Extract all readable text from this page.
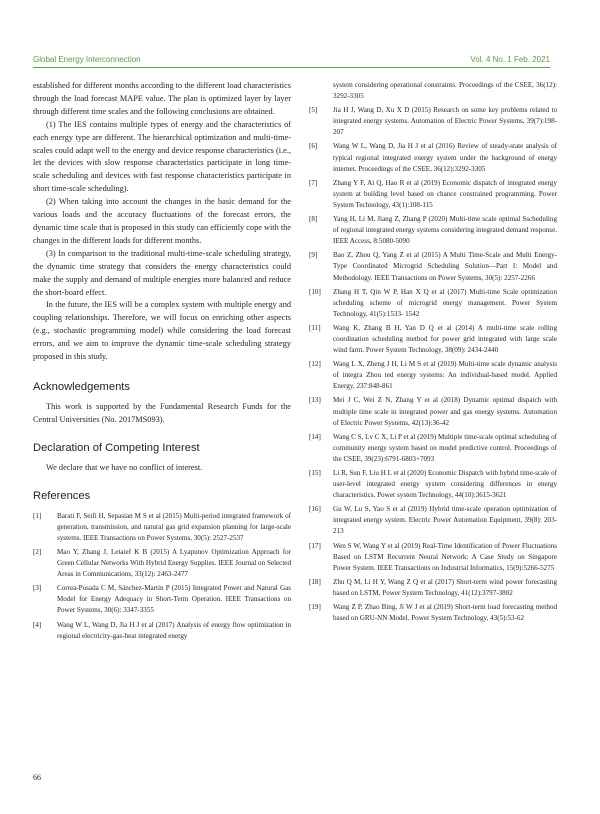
Global Energy Interconnection	Vol. 4 No. 1 Feb. 2021

established for different months according to the different load characteristics through the load forecast MAPE value. The plan is optimized layer by layer through different time scales and the following conclusions are obtained.

(1) The IES contains multiple types of energy and the characteristics of each energy type are different. The hierarchical optimization and multi-time-scales could adapt well to the energy and device response characteristics (i.e., let the devices with slow response characteristics participate in long time-scale scheduling and devices with fast response characteristics participate in short time-scale scheduling).

(2) When taking into account the changes in the basic demand for the various loads and the accuracy fluctuations of the forecast errors, the dynamic time scale that is proposed in this study can efficiently cope with the changes in the different loads for different months.

(3) In comparison to the traditional multi-time-scale scheduling strategy, the dynamic time strategy that considers the energy characteristics could make the supply and demand of multiple energies more balanced and reduce the short-board effect.

In the future, the IES will be a complex system with multiple energy and coupling relationships. Therefore, we will focus on enriching other aspects (e.g., stochastic programming model) while considering the load forecast errors, and we aim to improve the dynamic time-scale scheduling strategy proposed in this study.

Acknowledgements

This work is supported by the Fundamental Research Funds for the Central Universities (No. 2017MS093).

Declaration of Competing Interest

We declare that we have no conflict of interest.

References
[1]	Barati F, Seifi H, Sepasian M S et al (2015) Multi-period integrated framework of generation, transmission, and natural gas grid expansion planning for large-scale systems. IEEE Transactions on Power Systems, 30(5): 2527-2537
[2]	Mao Y, Zhang J, Letaief K B (2015) A Lyapunov Optimization Approach for Green Cellular Networks With Hybrid Energy Supplies. IEEE Journal on Selected Areas in Communications, 33(12): 2463-2477
[3]	Correa-Posada C M, Sánchez-Martín P (2015) Integrated Power and Natural Gas Model for Energy Adequacy in Short-Term Operation. IEEE Transactions on Power Systems, 30(6): 3347-3355
[4]	Wang W L, Wang D, Jia H J et al (2017) Analysis of energy flow optimization in regional electricity-gas-heat integrated energy
system considering operational constraints. Proceedings of the CSEE, 36(12): 3292-3305
[5]	Jia H J, Wang D, Xu X D (2015) Research on some key problems related to integrated energy systems. Automation of Electric Power Systems, 39(7):198-207
[6]	Wang W L, Wang D, Jia H J et al (2016) Review of steady-state analysis of typical regional integrated energy system under the background of energy internet. Proceedings of the CSEE, 36(12):3292-3305
[7]	Zhang Y F, Ai Q, Hao R et al (2019) Economic dispatch of integrated energy system at building level based on chance constrained programming. Power System Technology, 43(1):108-115
[8]	Yang H, Li M, Jiang Z, Zhang P (2020) Multi-time scale optimal Sscheduling of regional integrated energy systems considering integrated demand response. IEEE Access, 8:5080-5090
[9]	Bao Z, Zhou Q, Yang Z et al (2015) A Multi Time-Scale and Multi Energy-Type Coordinated Microgrid Scheduling Solution—Part I: Model and Methodology. IEEE Transactions on Power Systems, 30(5): 2257-2266
[10]	Zhang H T, Qin W P, Han X Q et al (2017) Multi-time Scale optimization scheduling scheme of microgrid energy management. Power System Technology, 41(5):1533- 1542
[11]	Wang K, Zhang B H, Yan D Q et al (2014) A multi-time scale rolling coordination scheduling method for power grid integrated with large scale wind farm. Power System Technology, 38(09): 2434-2440
[12]	Wang L X, Zheng J H, Li M S et al (2019) Multi-time scale dynamic analysis of integra Zhou ted energy systems: An individual-based model. Applied Energy, 237:848-861
[13]	Mei J C, Wei Z N, Zhang Y et al (2018) Dynamic optimal dispatch with multiple time scale in integrated power and gas energy systems. Automation of Electric Power Systems, 42(13):36-42
[14]	Wang C S, Lv C X, Li P et al (2019) Multiple time-scale optimal scheduling of community energy system based on model predictive control. Proceedings of the CSEE, 39(23):6791-6803+7093
[15]	Li R, Sun F, Liu H L et al (2020) Economic Dispatch with hybrid time-scale of user-level integrated energy system considering differences in energy characteristics. Power system Technology, 44(10):3615-3621
[16]	Gu W, Lu S, Yao S et al (2019) Hybrid time-scale operation optimization of integrated energy system. Electric Power Automation Equipment, 39(8): 203-213
[17]	Wen S W, Wang Y et al (2019) Real-Time Identification of Power Fluctuations Based on LSTM Recurrent Neural Network: A Case Study on Singapore Power System. IEEE Transactions on Industrial Informatics, 15(9):5266-5275
[18]	Zhu Q M, Li H Y, Wang Z Q et al (2017) Short-term wind power forecasting based on LSTM, Power System Technology, 41(12):3797-3802
[19]	Wang Z P, Zhao Bing, Ji W J et al (2019) Short-term load forecasting method based on GRU-NN Model. Power System Technology, 43(5):53-62
66
